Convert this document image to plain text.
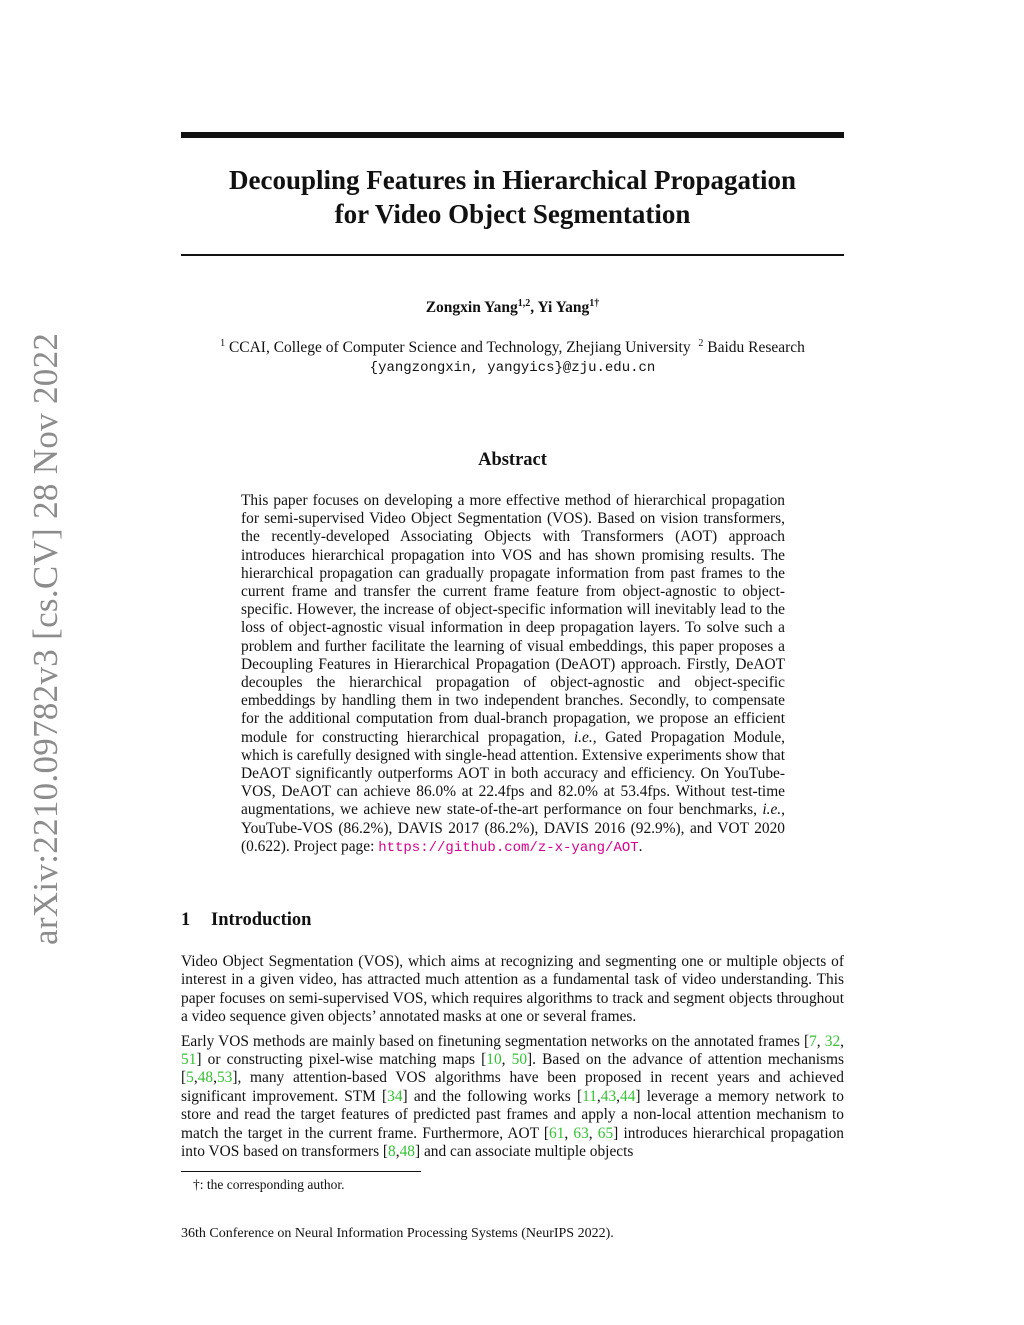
arXiv:2210.09782v3 [cs.CV] 28 Nov 2022
Decoupling Features in Hierarchical Propagation
for Video Object Segmentation
Zongxin Yang$^{1,2}$, Yi Yang$^{1\dagger}$
$^1$ CCAI, College of Computer Science and Technology, Zhejiang University $^2$ Baidu Research
{yangzongxin, yangyics}@zju.edu.cn
Abstract

This paper focuses on developing a more effective method of hierarchical propagation for semi-supervised Video Object Segmentation (VOS). Based on vision transformers, the recently-developed Associating Objects with Transformers (AOT) approach introduces hierarchical propagation into VOS and has shown promising results. The hierarchical propagation can gradually propagate information from past frames to the current frame and transfer the current frame feature from object-agnostic to object-specific. However, the increase of object-specific information will inevitably lead to the loss of object-agnostic visual information in deep propagation layers. To solve such a problem and further facilitate the learning of visual embeddings, this paper proposes a Decoupling Features in Hierarchical Propagation (DeAOT) approach. Firstly, DeAOT decouples the hierarchical propagation of object-agnostic and object-specific embeddings by handling them in two independent branches. Secondly, to compensate for the additional computation from dual-branch propagation, we propose an efficient module for constructing hierarchical propagation, i.e., Gated Propagation Module, which is carefully designed with single-head attention. Extensive experiments show that DeAOT significantly outperforms AOT in both accuracy and efficiency. On YouTube-VOS, DeAOT can achieve 86.0% at 22.4fps and 82.0% at 53.4fps. Without test-time augmentations, we achieve new state-of-the-art performance on four benchmarks, i.e., YouTube-VOS (86.2%), DAVIS 2017 (86.2%), DAVIS 2016 (92.9%), and VOT 2020 (0.622). Project page: https://github.com/z-x-yang/AOT.

1 Introduction

Video Object Segmentation (VOS), which aims at recognizing and segmenting one or multiple objects of interest in a given video, has attracted much attention as a fundamental task of video understanding. This paper focuses on semi-supervised VOS, which requires algorithms to track and segment objects throughout a video sequence given objects’ annotated masks at one or several frames.

Early VOS methods are mainly based on finetuning segmentation networks on the annotated frames [7, 32, 51] or constructing pixel-wise matching maps [10, 50]. Based on the advance of attention mechanisms [5,48,53], many attention-based VOS algorithms have been proposed in recent years and achieved significant improvement. STM [34] and the following works [11,43,44] leverage a memory network to store and read the target features of predicted past frames and apply a non-local attention mechanism to match the target in the current frame. Furthermore, AOT [61, 63, 65] introduces hierarchical propagation into VOS based on transformers [8,48] and can associate multiple objects

†: the corresponding author.
36th Conference on Neural Information Processing Systems (NeurIPS 2022).
